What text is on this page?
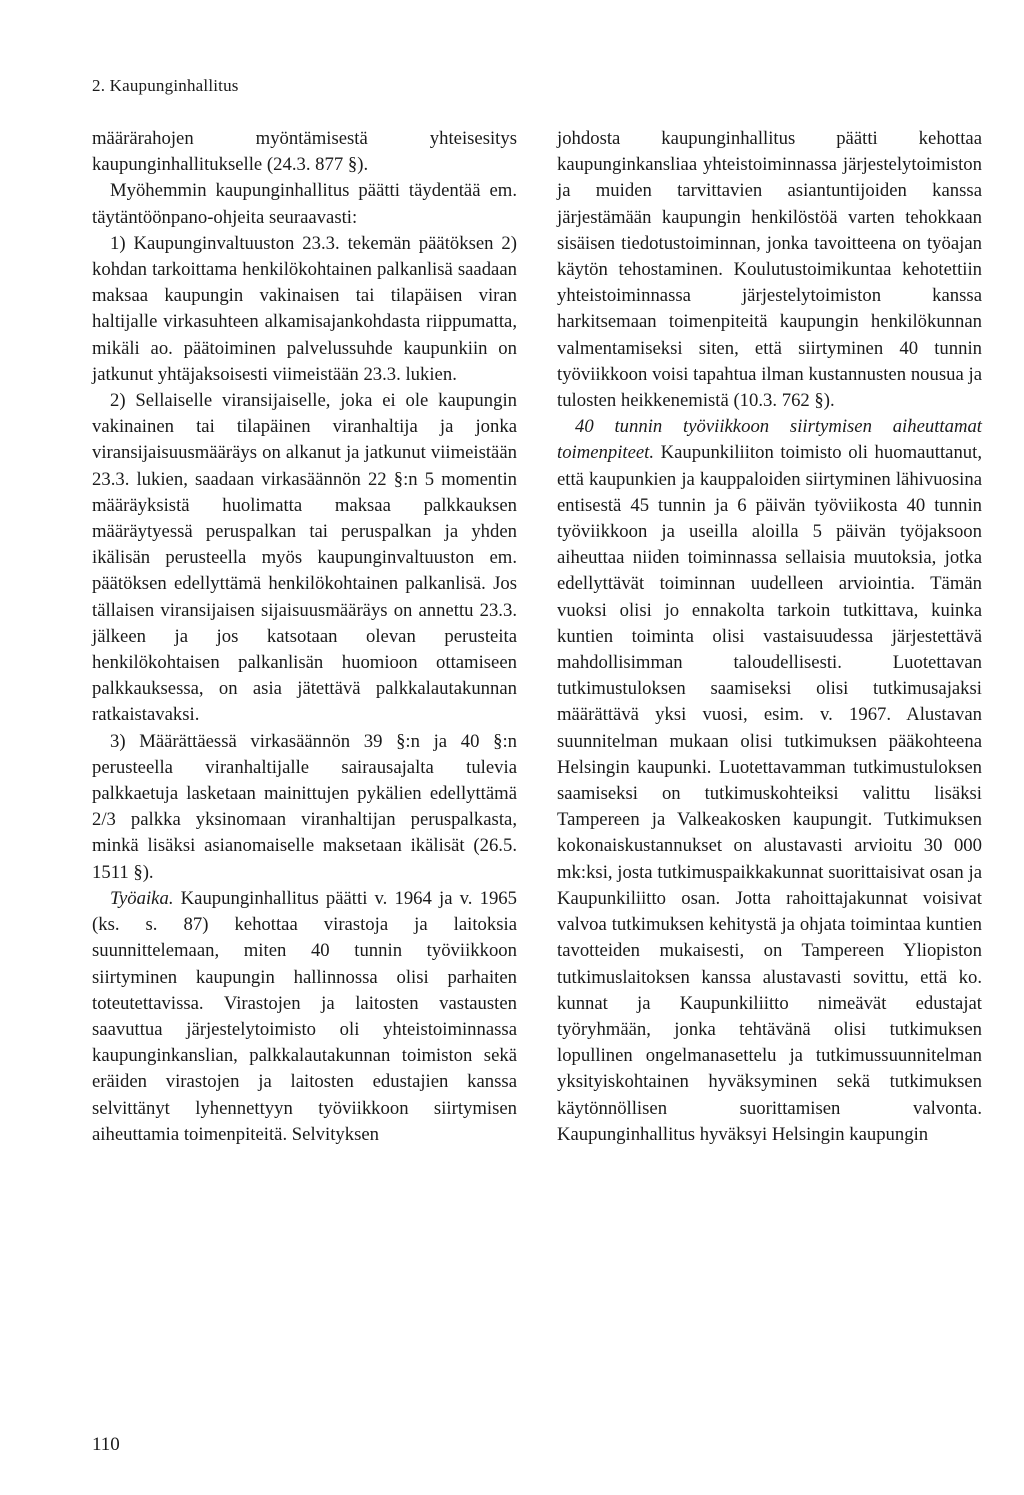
2. Kaupunginhallitus

määrärahojen myöntämisestä yhteisesitys kaupunginhallitukselle (24.3. 877 §).

Myöhemmin kaupunginhallitus päätti täydentää em. täytäntöönpano-ohjeita seuraavasti:

1) Kaupunginvaltuuston 23.3. tekemän päätöksen 2) kohdan tarkoittama henkilökohtainen palkanlisä saadaan maksaa kaupungin vakinaisen tai tilapäisen viran haltijalle virkasuhteen alkamisajankohdasta riippumatta, mikäli ao. päätoiminen palvelussuhde kaupunkiin on jatkunut yhtäjaksoisesti viimeistään 23.3. lukien.

2) Sellaiselle viransijaiselle, joka ei ole kaupungin vakinainen tai tilapäinen viranhaltija ja jonka viransijaisuusmääräys on alkanut ja jatkunut viimeistään 23.3. lukien, saadaan virkasäännön 22 §:n 5 momentin määräyksistä huolimatta maksaa palkkauksen määräytyessä peruspalkan tai peruspalkan ja yhden ikälisän perusteella myös kaupunginvaltuuston em. päätöksen edellyttämä henkilökohtainen palkanlisä. Jos tällaisen viransijaisen sijaisuusmääräys on annettu 23.3. jälkeen ja jos katsotaan olevan perusteita henkilökohtaisen palkanlisän huomioon ottamiseen palkkauksessa, on asia jätettävä palkkalautakunnan ratkaistavaksi.

3) Määrättäessä virkasäännön 39 §:n ja 40 §:n perusteella viranhaltijalle sairausajalta tulevia palkkaetuja lasketaan mainittujen pykälien edellyttämä 2/3 palkka yksinomaan viranhaltijan peruspalkasta, minkä lisäksi asianomaiselle maksetaan ikälisät (26.5. 1511 §).

Työaika. Kaupunginhallitus päätti v. 1964 ja v. 1965 (ks. s. 87) kehottaa virastoja ja laitoksia suunnittelemaan, miten 40 tunnin työviikkoon siirtyminen kaupungin hallinnossa olisi parhaiten toteutettavissa. Virastojen ja laitosten vastausten saavuttua järjestelytoimisto oli yhteistoiminnassa kaupunginkanslian, palkkalautakunnan toimiston sekä eräiden virastojen ja laitosten edustajien kanssa selvittänyt lyhennettyyn työviikkoon siirtymisen aiheuttamia toimenpiteitä. Selvityksen

johdosta kaupunginhallitus päätti kehottaa kaupunginkansliaa yhteistoiminnassa järjestelytoimiston ja muiden tarvittavien asiantuntijoiden kanssa järjestämään kaupungin henkilöstöä varten tehokkaan sisäisen tiedotustoiminnan, jonka tavoitteena on työajan käytön tehostaminen. Koulutustoimikuntaa kehotettiin yhteistoiminnassa järjestelytoimiston kanssa harkitsemaan toimenpiteitä kaupungin henkilökunnan valmentamiseksi siten, että siirtyminen 40 tunnin työviikkoon voisi tapahtua ilman kustannusten nousua ja tulosten heikkenemistä (10.3. 762 §).

40 tunnin työviikkoon siirtymisen aiheuttamat toimenpiteet. Kaupunkiliiton toimisto oli huomauttanut, että kaupunkien ja kauppaloiden siirtyminen lähivuosina entisestä 45 tunnin ja 6 päivän työviikosta 40 tunnin työviikkoon ja useilla aloilla 5 päivän työjaksoon aiheuttaa niiden toiminnassa sellaisia muutoksia, jotka edellyttävät toiminnan uudelleen arviointia. Tämän vuoksi olisi jo ennakolta tarkoin tutkittava, kuinka kuntien toiminta olisi vastaisuudessa järjestettävä mahdollisimman taloudellisesti. Luotettavan tutkimustuloksen saamiseksi olisi tutkimusajaksi määrättävä yksi vuosi, esim. v. 1967. Alustavan suunnitelman mukaan olisi tutkimuksen pääkohteena Helsingin kaupunki. Luotettavamman tutkimustuloksen saamiseksi on tutkimuskohteiksi valittu lisäksi Tampereen ja Valkeakosken kaupungit. Tutkimuksen kokonaiskustannukset on alustavasti arvioitu 30 000 mk:ksi, josta tutkimuspaikkakunnat suorittaisivat osan ja Kaupunkiliitto osan. Jotta rahoittajakunnat voisivat valvoa tutkimuksen kehitystä ja ohjata toimintaa kuntien tavotteiden mukaisesti, on Tampereen Yliopiston tutkimuslaitoksen kanssa alustavasti sovittu, että ko. kunnat ja Kaupunkiliitto nimeävät edustajat työryhmään, jonka tehtävänä olisi tutkimuksen lopullinen ongelmanasettelu ja tutkimussuunnitelman yksityiskohtainen hyväksyminen sekä tutkimuksen käytönnöllisen suorittamisen valvonta. Kaupunginhallitus hyväksyi Helsingin kaupungin

110
